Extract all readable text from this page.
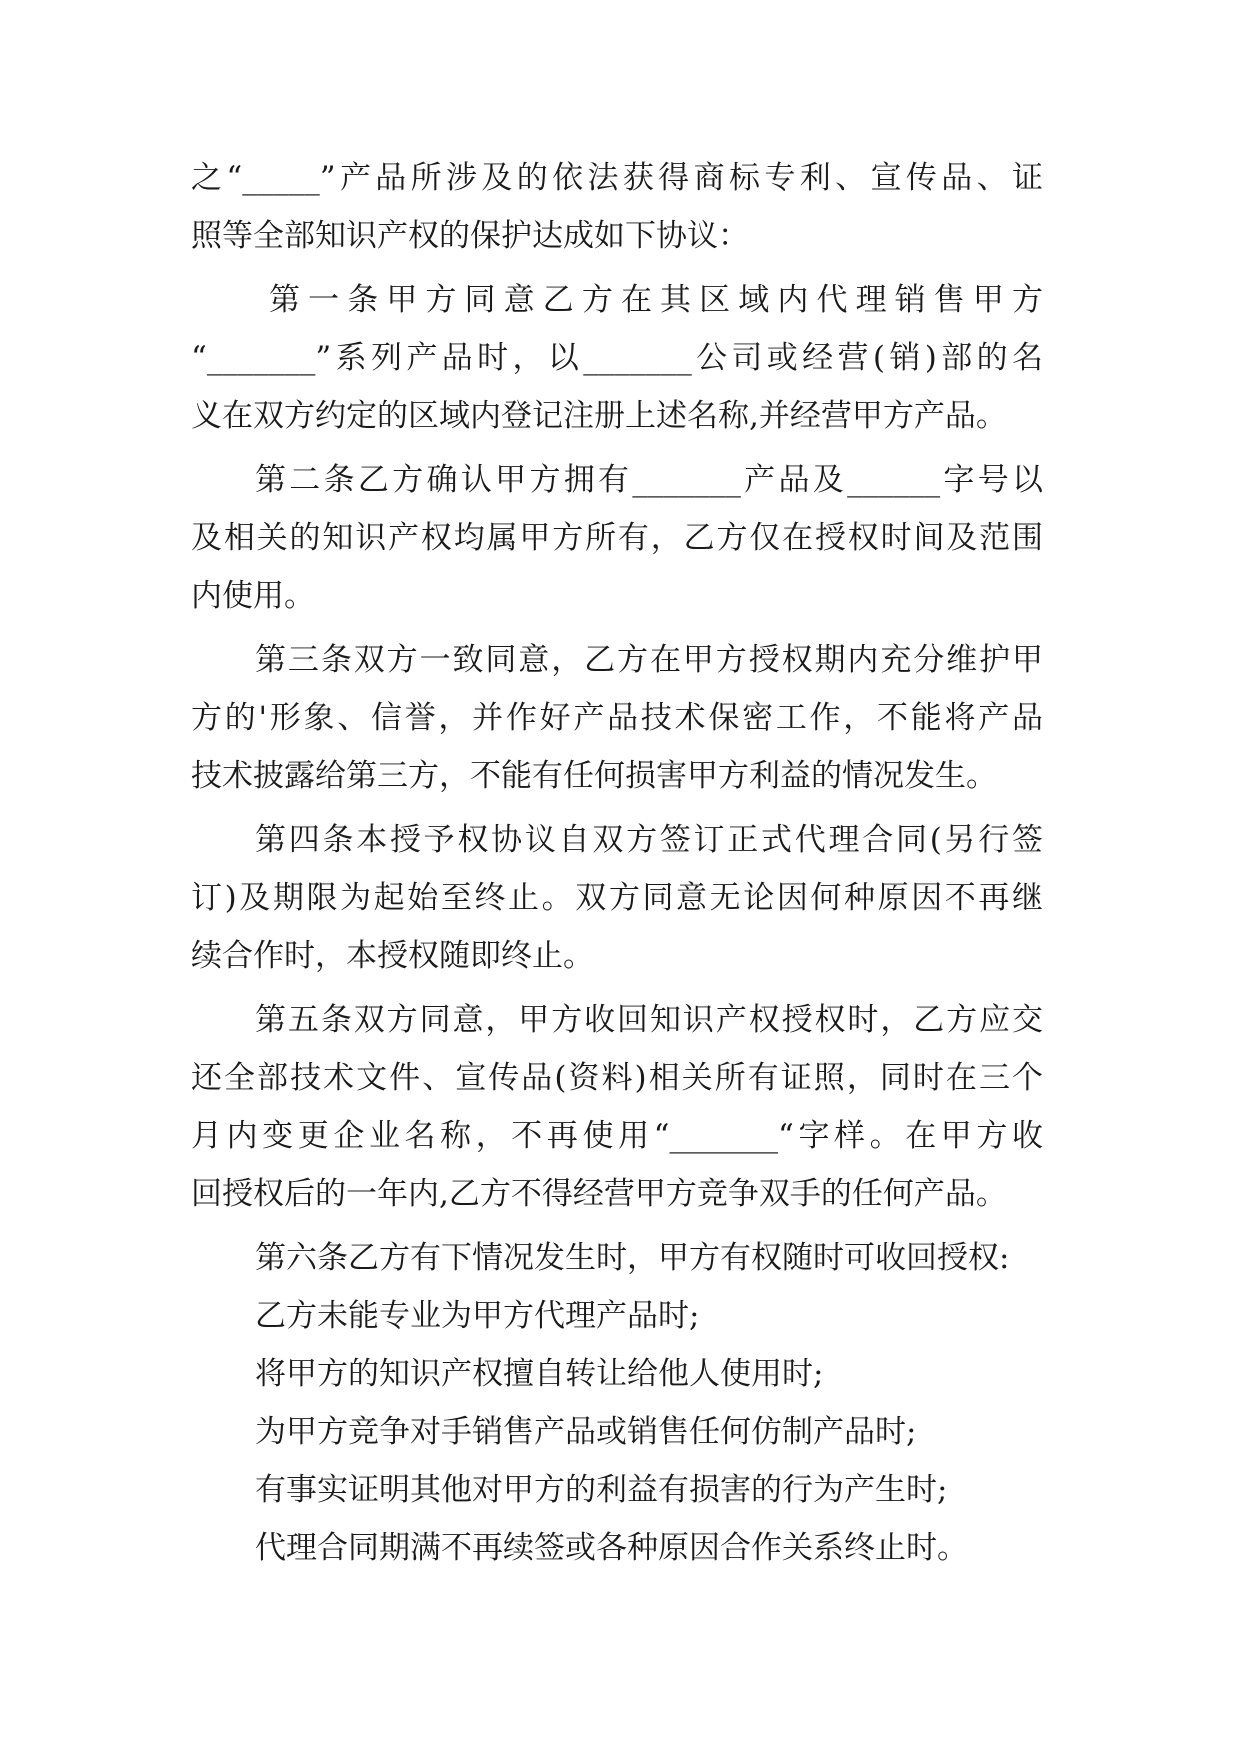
之“_____”产品所涉及的依法获得商标专利、宣传品、证
照等全部知识产权的保护达成如下协议：
第一条甲方同意乙方在其区域内代理销售甲方
“_______”系列产品时，以_______公司或经营(销)部的名
义在双方约定的区域内登记注册上述名称,并经营甲方产品。
第二条乙方确认甲方拥有_______产品及______字号以
及相关的知识产权均属甲方所有，乙方仅在授权时间及范围
内使用。
第三条双方一致同意，乙方在甲方授权期内充分维护甲
方的'形象、信誉，并作好产品技术保密工作，不能将产品
技术披露给第三方，不能有任何损害甲方利益的情况发生。
第四条本授予权协议自双方签订正式代理合同(另行签
订)及期限为起始至终止。双方同意无论因何种原因不再继
续合作时，本授权随即终止。
第五条双方同意，甲方收回知识产权授权时，乙方应交
还全部技术文件、宣传品(资料)相关所有证照，同时在三个
月内变更企业名称，不再使用“_______“字样。在甲方收
回授权后的一年内,乙方不得经营甲方竞争双手的任何产品。
第六条乙方有下情况发生时，甲方有权随时可收回授权:
乙方未能专业为甲方代理产品时;
将甲方的知识产权擅自转让给他人使用时;
为甲方竞争对手销售产品或销售任何仿制产品时;
有事实证明其他对甲方的利益有损害的行为产生时;
代理合同期满不再续签或各种原因合作关系终止时。
